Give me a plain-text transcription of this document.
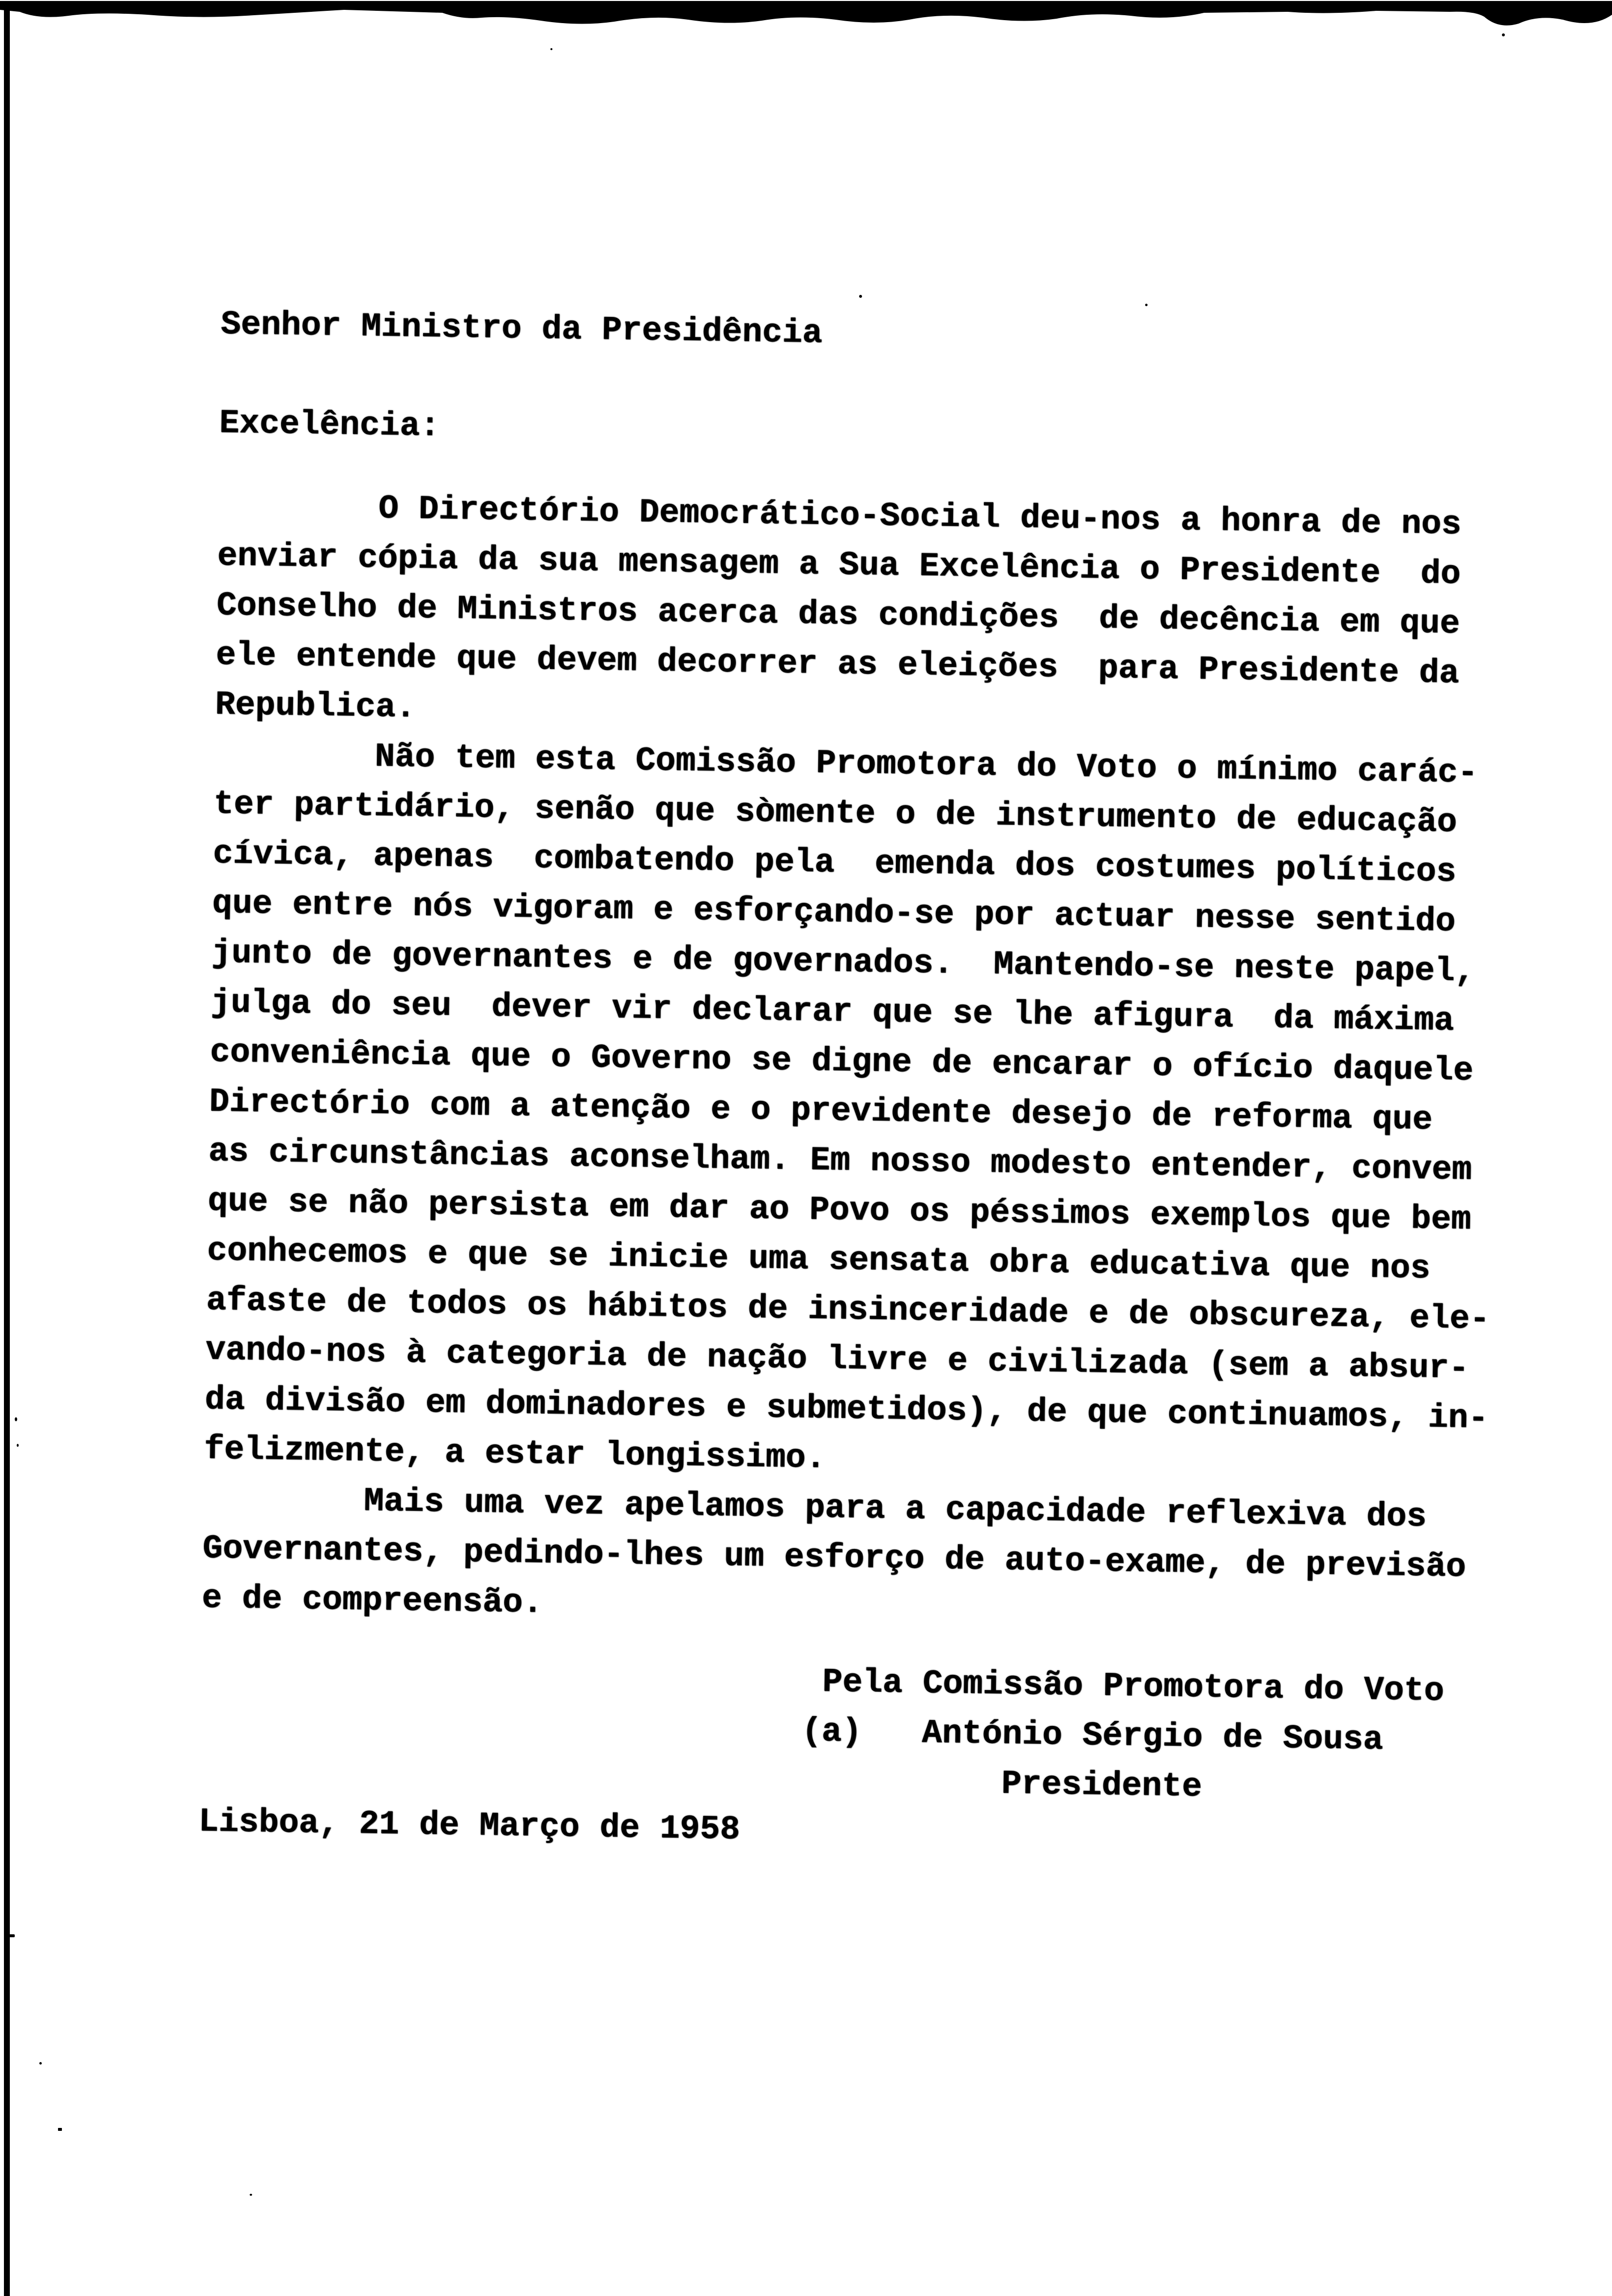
Senhor Ministro da Presidência
Excelência:
O Directório Democrático-Social deu-nos a honra de nos
enviar cópia da sua mensagem a Sua Excelência o Presidente  do
Conselho de Ministros acerca das condições  de decência em que
ele entende que devem decorrer as eleições  para Presidente da
Republica.
Não tem esta Comissão Promotora do Voto o mínimo carác-
ter partidário, senão que sòmente o de instrumento de educação
cívica, apenas  combatendo pela  emenda dos costumes políticos
que entre nós vigoram e esforçando-se por actuar nesse sentido
junto de governantes e de governados.  Mantendo-se neste papel,
julga do seu  dever vir declarar que se lhe afigura  da máxima
conveniência que o Governo se digne de encarar o ofício daquele
Directório com a atenção e o previdente desejo de reforma que
as circunstâncias aconselham. Em nosso modesto entender, convem
que se não persista em dar ao Povo os péssimos exemplos que bem
conhecemos e que se inicie uma sensata obra educativa que nos
afaste de todos os hábitos de insinceridade e de obscureza, ele-
vando-nos à categoria de nação livre e civilizada (sem a absur-
da divisão em dominadores e submetidos), de que continuamos, in-
felizmente, a estar longissimo.
Mais uma vez apelamos para a capacidade reflexiva dos
Governantes, pedindo-lhes um esforço de auto-exame, de previsão
e de compreensão.
Pela Comissão Promotora do Voto
(a)   António Sérgio de Sousa
Presidente
Lisboa, 21 de Março de 1958
